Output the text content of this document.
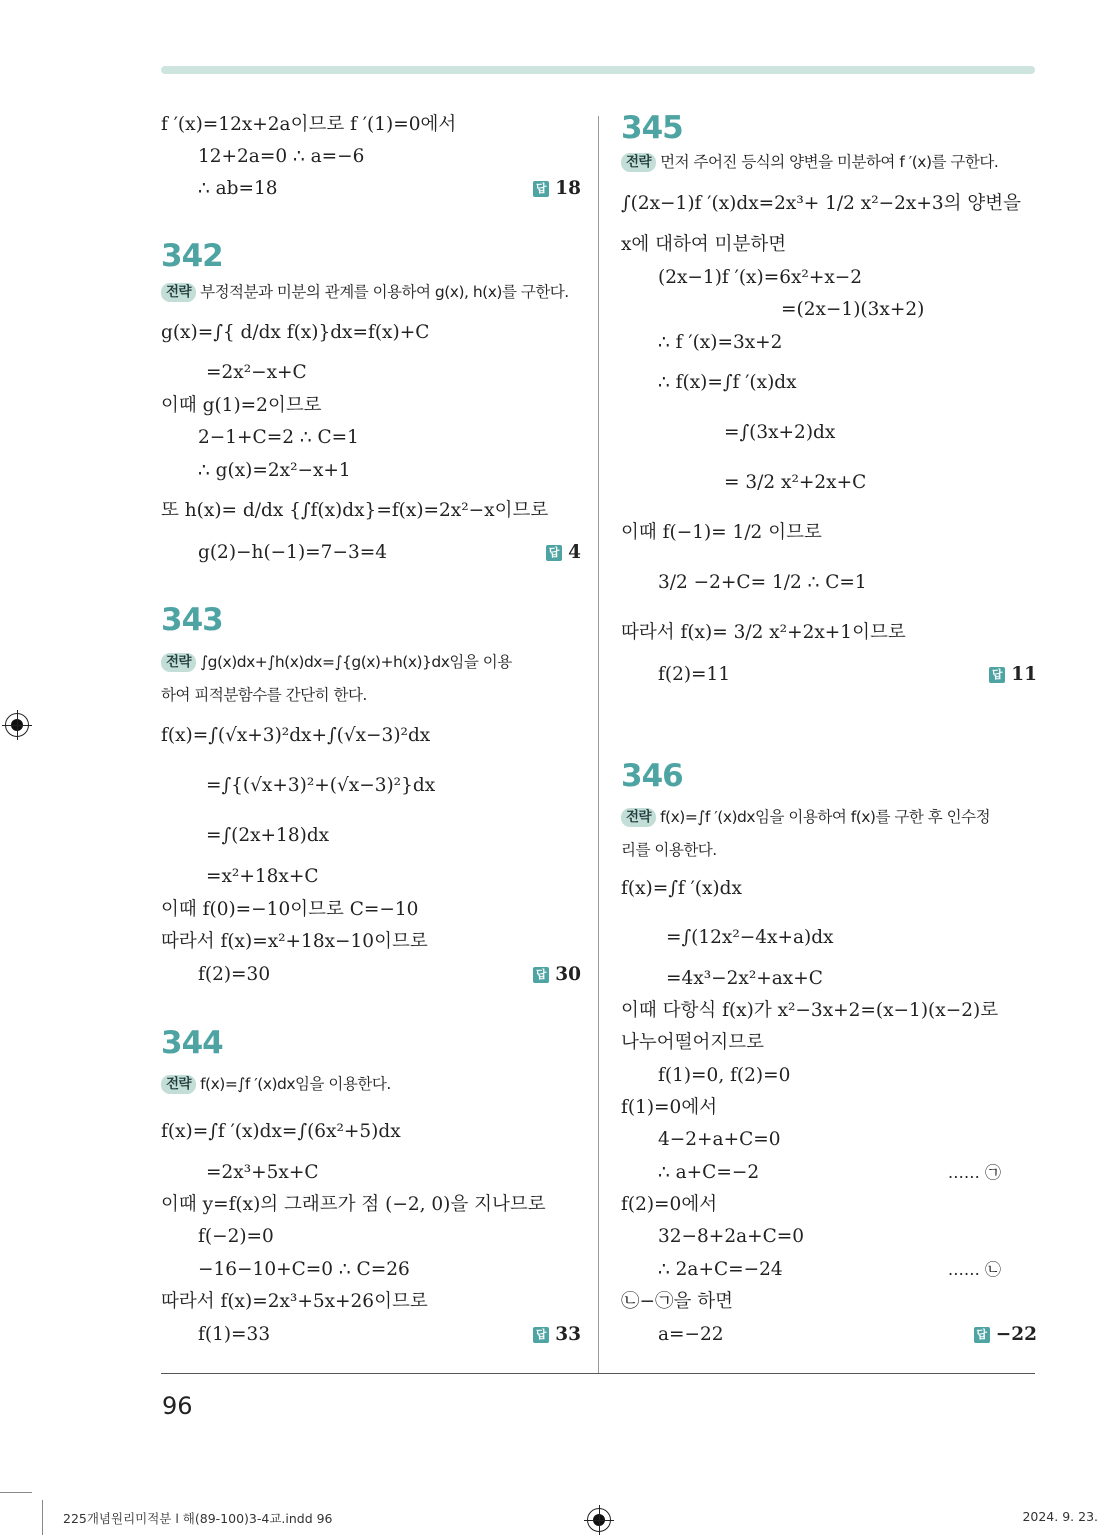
f ′(x)=12x+2a이므로 f ′(1)=0에서
12+2a=0 ∴ a=−6
∴ ab=18	답 18
342
전략 부정적분과 미분의 관계를 이용하여 g(x), h(x)를 구한다.
g(x)=∫{ d/dx f(x)}dx=f(x)+C
=2x²−x+C
이때 g(1)=2이므로
2−1+C=2 ∴ C=1
∴ g(x)=2x²−x+1
또 h(x)= d/dx {∫f(x)dx}=f(x)=2x²−x이므로
g(2)−h(−1)=7−3=4	답 4
343
전략 ∫g(x)dx+∫h(x)dx=∫{g(x)+h(x)}dx임을 이용
하여 피적분함수를 간단히 한다.
f(x)=∫(√x+3)²dx+∫(√x−3)²dx
=∫{(√x+3)²+(√x−3)²}dx
=∫(2x+18)dx
=x²+18x+C
이때 f(0)=−10이므로 C=−10
따라서 f(x)=x²+18x−10이므로
f(2)=30	답 30
344
전략 f(x)=∫f ′(x)dx임을 이용한다.
f(x)=∫f ′(x)dx=∫(6x²+5)dx
=2x³+5x+C
이때 y=f(x)의 그래프가 점 (−2, 0)을 지나므로
f(−2)=0
−16−10+C=0 ∴ C=26
따라서 f(x)=2x³+5x+26이므로
f(1)=33	답 33
345
전략 먼저 주어진 등식의 양변을 미분하여 f ′(x)를 구한다.
∫(2x−1)f ′(x)dx=2x³+ 1/2 x²−2x+3의 양변을
x에 대하여 미분하면
(2x−1)f ′(x)=6x²+x−2
=(2x−1)(3x+2)
∴ f ′(x)=3x+2
∴ f(x)=∫f ′(x)dx
=∫(3x+2)dx
= 3/2 x²+2x+C
이때 f(−1)= 1/2 이므로
3/2 −2+C= 1/2 ∴ C=1
따라서 f(x)= 3/2 x²+2x+1이므로
f(2)=11	답 11
346
전략 f(x)=∫f ′(x)dx임을 이용하여 f(x)를 구한 후 인수정
리를 이용한다.
f(x)=∫f ′(x)dx
=∫(12x²−4x+a)dx
=4x³−2x²+ax+C
이때 다항식 f(x)가 x²−3x+2=(x−1)(x−2)로
나누어떨어지므로
f(1)=0, f(2)=0
f(1)=0에서
4−2+a+C=0
∴ a+C=−2	…… ㉠
f(2)=0에서
32−8+2a+C=0
∴ 2a+C=−24	…… ㉡
㉡−㉠을 하면
a=−22	답 −22
96
225개념원리미적분 l 해(89-100)3-4교.indd 96	2024. 9. 23.
